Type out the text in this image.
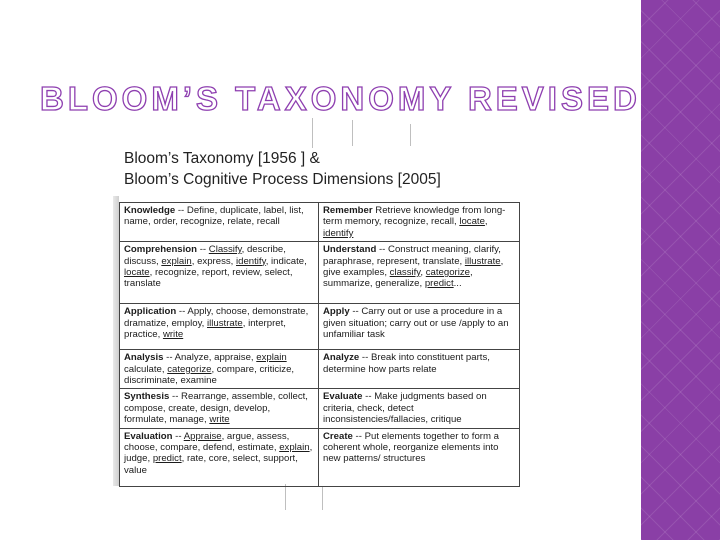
BLOOM’S TAXONOMY REVISED
Bloom’s Taxonomy [1956 ] &
Bloom’s Cognitive Process Dimensions [2005]
Knowledge -- Define, duplicate, label, list, name, order, recognize, relate, recall	Remember Retrieve knowledge from long-term memory, recognize, recall, locate, identify
Comprehension -- Classify, describe, discuss, explain, express, identify, indicate, locate, recognize, report, review, select, translate	Understand -- Construct meaning, clarify, paraphrase, represent, translate, illustrate, give examples, classify, categorize, summarize, generalize, predict...
Application -- Apply, choose, demonstrate, dramatize, employ, illustrate, interpret, practice, write	Apply -- Carry out or use a procedure in a given situation; carry out or use /apply to an unfamiliar task
Analysis -- Analyze, appraise, explain calculate, categorize, compare, criticize, discriminate, examine	Analyze -- Break into constituent parts, determine how parts relate
Synthesis -- Rearrange, assemble, collect, compose, create, design, develop, formulate, manage, write	Evaluate -- Make judgments based on criteria, check, detect inconsistencies/fallacies, critique
Evaluation -- Appraise, argue, assess, choose, compare, defend, estimate, explain, judge, predict, rate, core, select, support, value	Create -- Put elements together to form a coherent whole, reorganize elements into new patterns/ structures
